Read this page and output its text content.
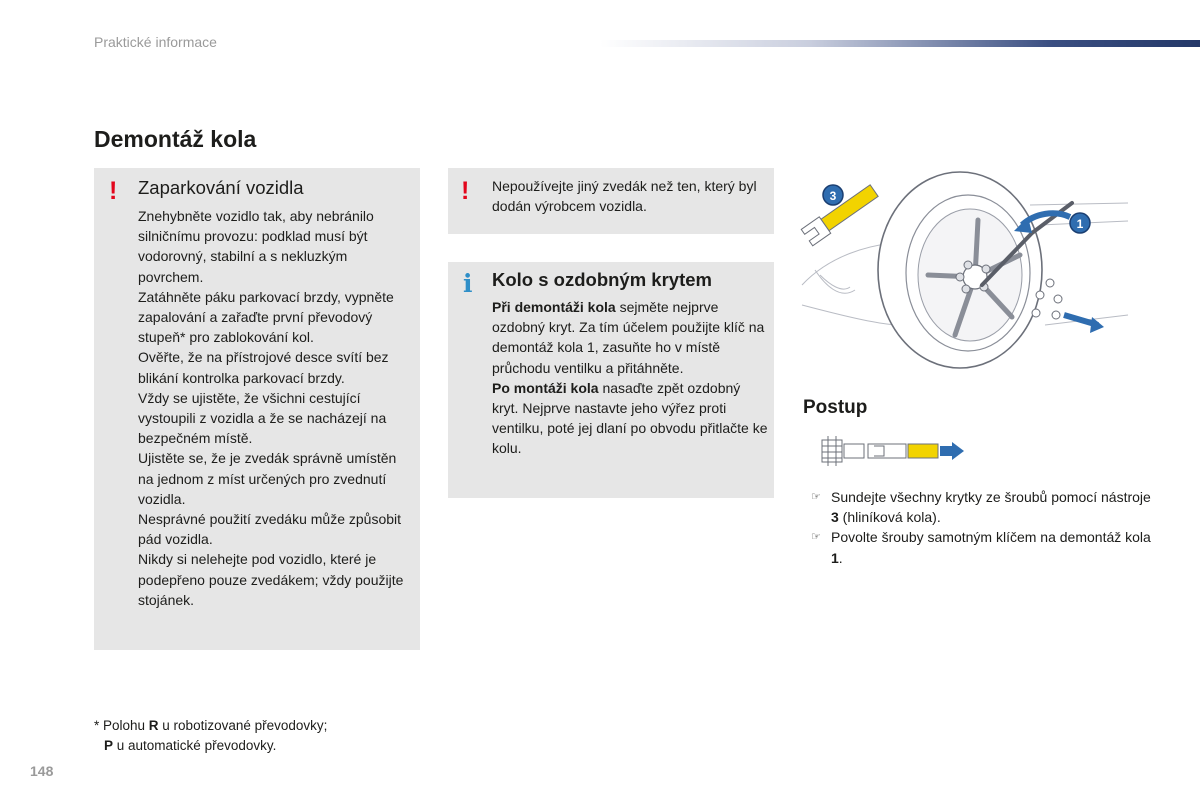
Praktické informace
Demontáž kola
! Zaparkování vozidla

Znehybněte vozidlo tak, aby nebránilo silničnímu provozu: podklad musí být vodorovný, stabilní a s nekluzkým povrchem.

Zatáhněte páku parkovací brzdy, vypněte zapalování a zařaďte první převodový stupeň* pro zablokování kol.

Ověřte, že na přístrojové desce svítí bez blikání kontrolka parkovací brzdy.

Vždy se ujistěte, že všichni cestující vystoupili z vozidla a že se nacházejí na bezpečném místě.

Ujistěte se, že je zvedák správně umístěn na jednom z míst určených pro zvednutí vozidla.

Nesprávné použití zvedáku může způsobit pád vozidla.

Nikdy si nelehejte pod vozidlo, které je podepřeno pouze zvedákem; vždy použijte stojánek.

! Nepoužívejte jiný zvedák než ten, který byl dodán výrobcem vozidla.
i Kolo s ozdobným krytem

Při demontáži kola sejměte nejprve ozdobný kryt. Za tím účelem použijte klíč na demontáž kola 1, zasuňte ho v místě průchodu ventilku a přitáhněte.

Po montáži kola nasaďte zpět ozdobný kryt. Nejprve nastavte jeho výřez proti ventilku, poté jej dlaní po obvodu přitlačte ke kolu.

3
1
Postup
☞ Sundejte všechny krytky ze šroubů pomocí nástroje 3 (hliníková kola).
☞ Povolte šrouby samotným klíčem na demontáž kola 1.

* Polohu R u robotizované převodovky;

P u automatické převodovky.

148
